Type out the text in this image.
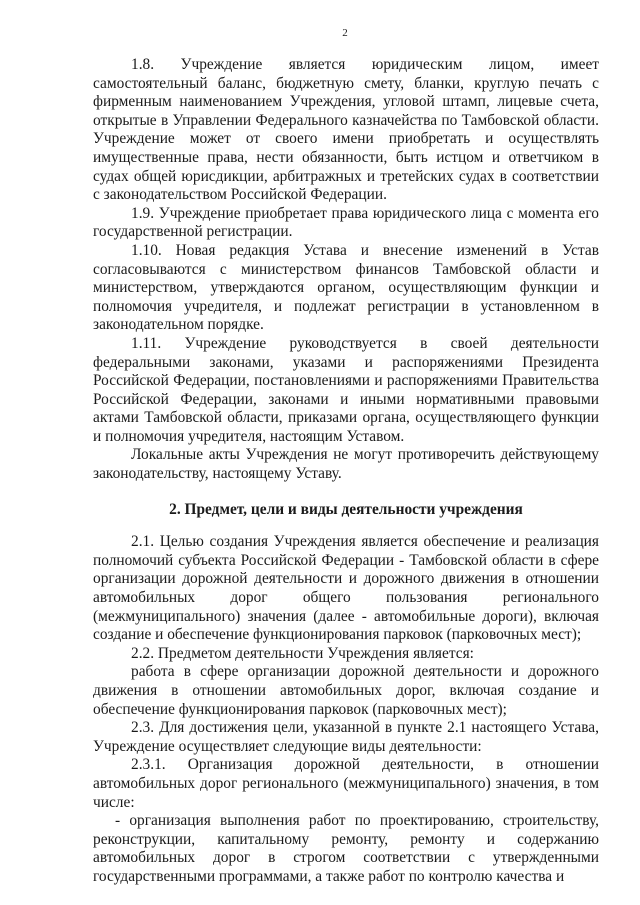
2

1.8. Учреждение является юридическим лицом, имеет самостоятельный баланс, бюджетную смету, бланки, круглую печать с фирменным наименованием Учреждения, угловой штамп, лицевые счета, открытые в Управлении Федерального казначейства по Тамбовской области. Учреждение может от своего имени приобретать и осуществлять имущественные права, нести обязанности, быть истцом и ответчиком в судах общей юрисдикции, арбитражных и третейских судах в соответствии с законодательством Российской Федерации.

1.9. Учреждение приобретает права юридического лица с момента его государственной регистрации.

1.10. Новая редакция Устава и внесение изменений в Устав согласовываются с министерством финансов Тамбовской области и министерством, утверждаются органом, осуществляющим функции и полномочия учредителя, и подлежат регистрации в установленном в законодательном порядке.

1.11. Учреждение руководствуется в своей деятельности федеральными законами, указами и распоряжениями Президента Российской Федерации, постановлениями и распоряжениями Правительства Российской Федерации, законами и иными нормативными правовыми актами Тамбовской области, приказами органа, осуществляющего функции и полномочия учредителя, настоящим Уставом.

Локальные акты Учреждения не могут противоречить действующему законодательству, настоящему Уставу.

2. Предмет, цели и виды деятельности учреждения

2.1. Целью создания Учреждения является обеспечение и реализация полномочий субъекта Российской Федерации - Тамбовской области в сфере организации дорожной деятельности и дорожного движения в отношении автомобильных дорог общего пользования регионального (межмуниципального) значения (далее - автомобильные дороги), включая создание и обеспечение функционирования парковок (парковочных мест);

2.2. Предметом деятельности Учреждения является:

работа в сфере организации дорожной деятельности и дорожного движения в отношении автомобильных дорог, включая создание и обеспечение функционирования парковок (парковочных мест);

2.3. Для достижения цели, указанной в пункте 2.1 настоящего Устава, Учреждение осуществляет следующие виды деятельности:

2.3.1. Организация дорожной деятельности, в отношении автомобильных дорог регионального (межмуниципального) значения, в том числе:

- организация выполнения работ по проектированию, строительству, реконструкции, капитальному ремонту, ремонту и содержанию автомобильных дорог в строгом соответствии с утвержденными государственными программами, а также работ по контролю качества и
